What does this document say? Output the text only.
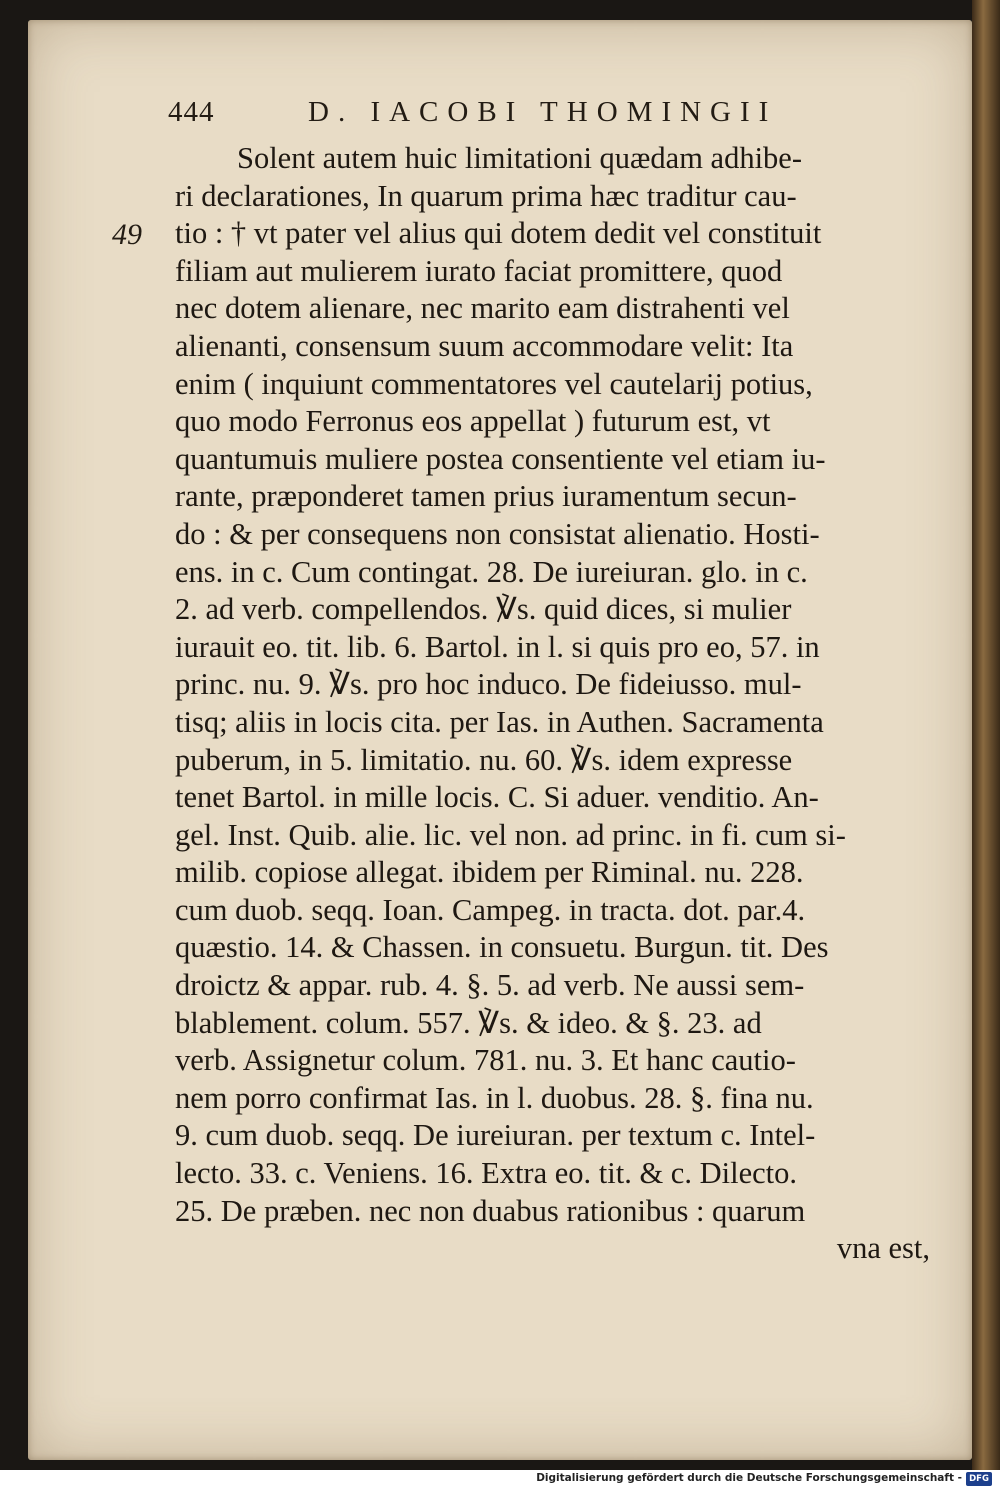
444	D. IACOBI THOMINGII
49
Solent autem huic limitationi quædam adhibe-
ri declarationes, In quarum prima hæc traditur cau-
tio : † vt pater vel alius qui dotem dedit vel constituit
filiam aut mulierem iurato faciat promittere, quod
nec dotem alienare, nec marito eam distrahenti vel
alienanti, consensum suum accommodare velit: Ita
enim ( inquiunt commentatores vel cautelarij potius,
quo modo Ferronus eos appellat ) futurum est, vt
quantumuis muliere postea consentiente vel etiam iu-
rante, præponderet tamen prius iuramentum secun-
do : & per consequens non consistat alienatio. Hosti-
ens. in c. Cum contingat. 28. De iureiuran. glo. in c.
2. ad verb. compellendos. ℣s. quid dices, si mulier
iurauit eo. tit. lib. 6. Bartol. in l. si quis pro eo, 57. in
princ. nu. 9. ℣s. pro hoc induco. De fideiusso. mul-
tisq; aliis in locis cita. per Ias. in Authen. Sacramenta
puberum, in 5. limitatio. nu. 60. ℣s. idem expresse
tenet Bartol. in mille locis. C. Si aduer. venditio. An-
gel. Inst. Quib. alie. lic. vel non. ad princ. in fi. cum si-
milib. copiose allegat. ibidem per Riminal. nu. 228.
cum duob. seqq. Ioan. Campeg. in tracta. dot. par.4.
quæstio. 14. & Chassen. in consuetu. Burgun. tit. Des
droictz & appar. rub. 4. §. 5. ad verb. Ne aussi sem-
blablement. colum. 557. ℣s. & ideo. & §. 23. ad
verb. Assignetur colum. 781. nu. 3. Et hanc cautio-
nem porro confirmat Ias. in l. duobus. 28. §. fina nu.
9. cum duob. seqq. De iureiuran. per textum c. Intel-
lecto. 33. c. Veniens. 16. Extra eo. tit. & c. Dilecto.
25. De præben. nec non duabus rationibus : quarum
vna est,
Digitalisierung gefördert durch die Deutsche Forschungsgemeinschaft - DFG
